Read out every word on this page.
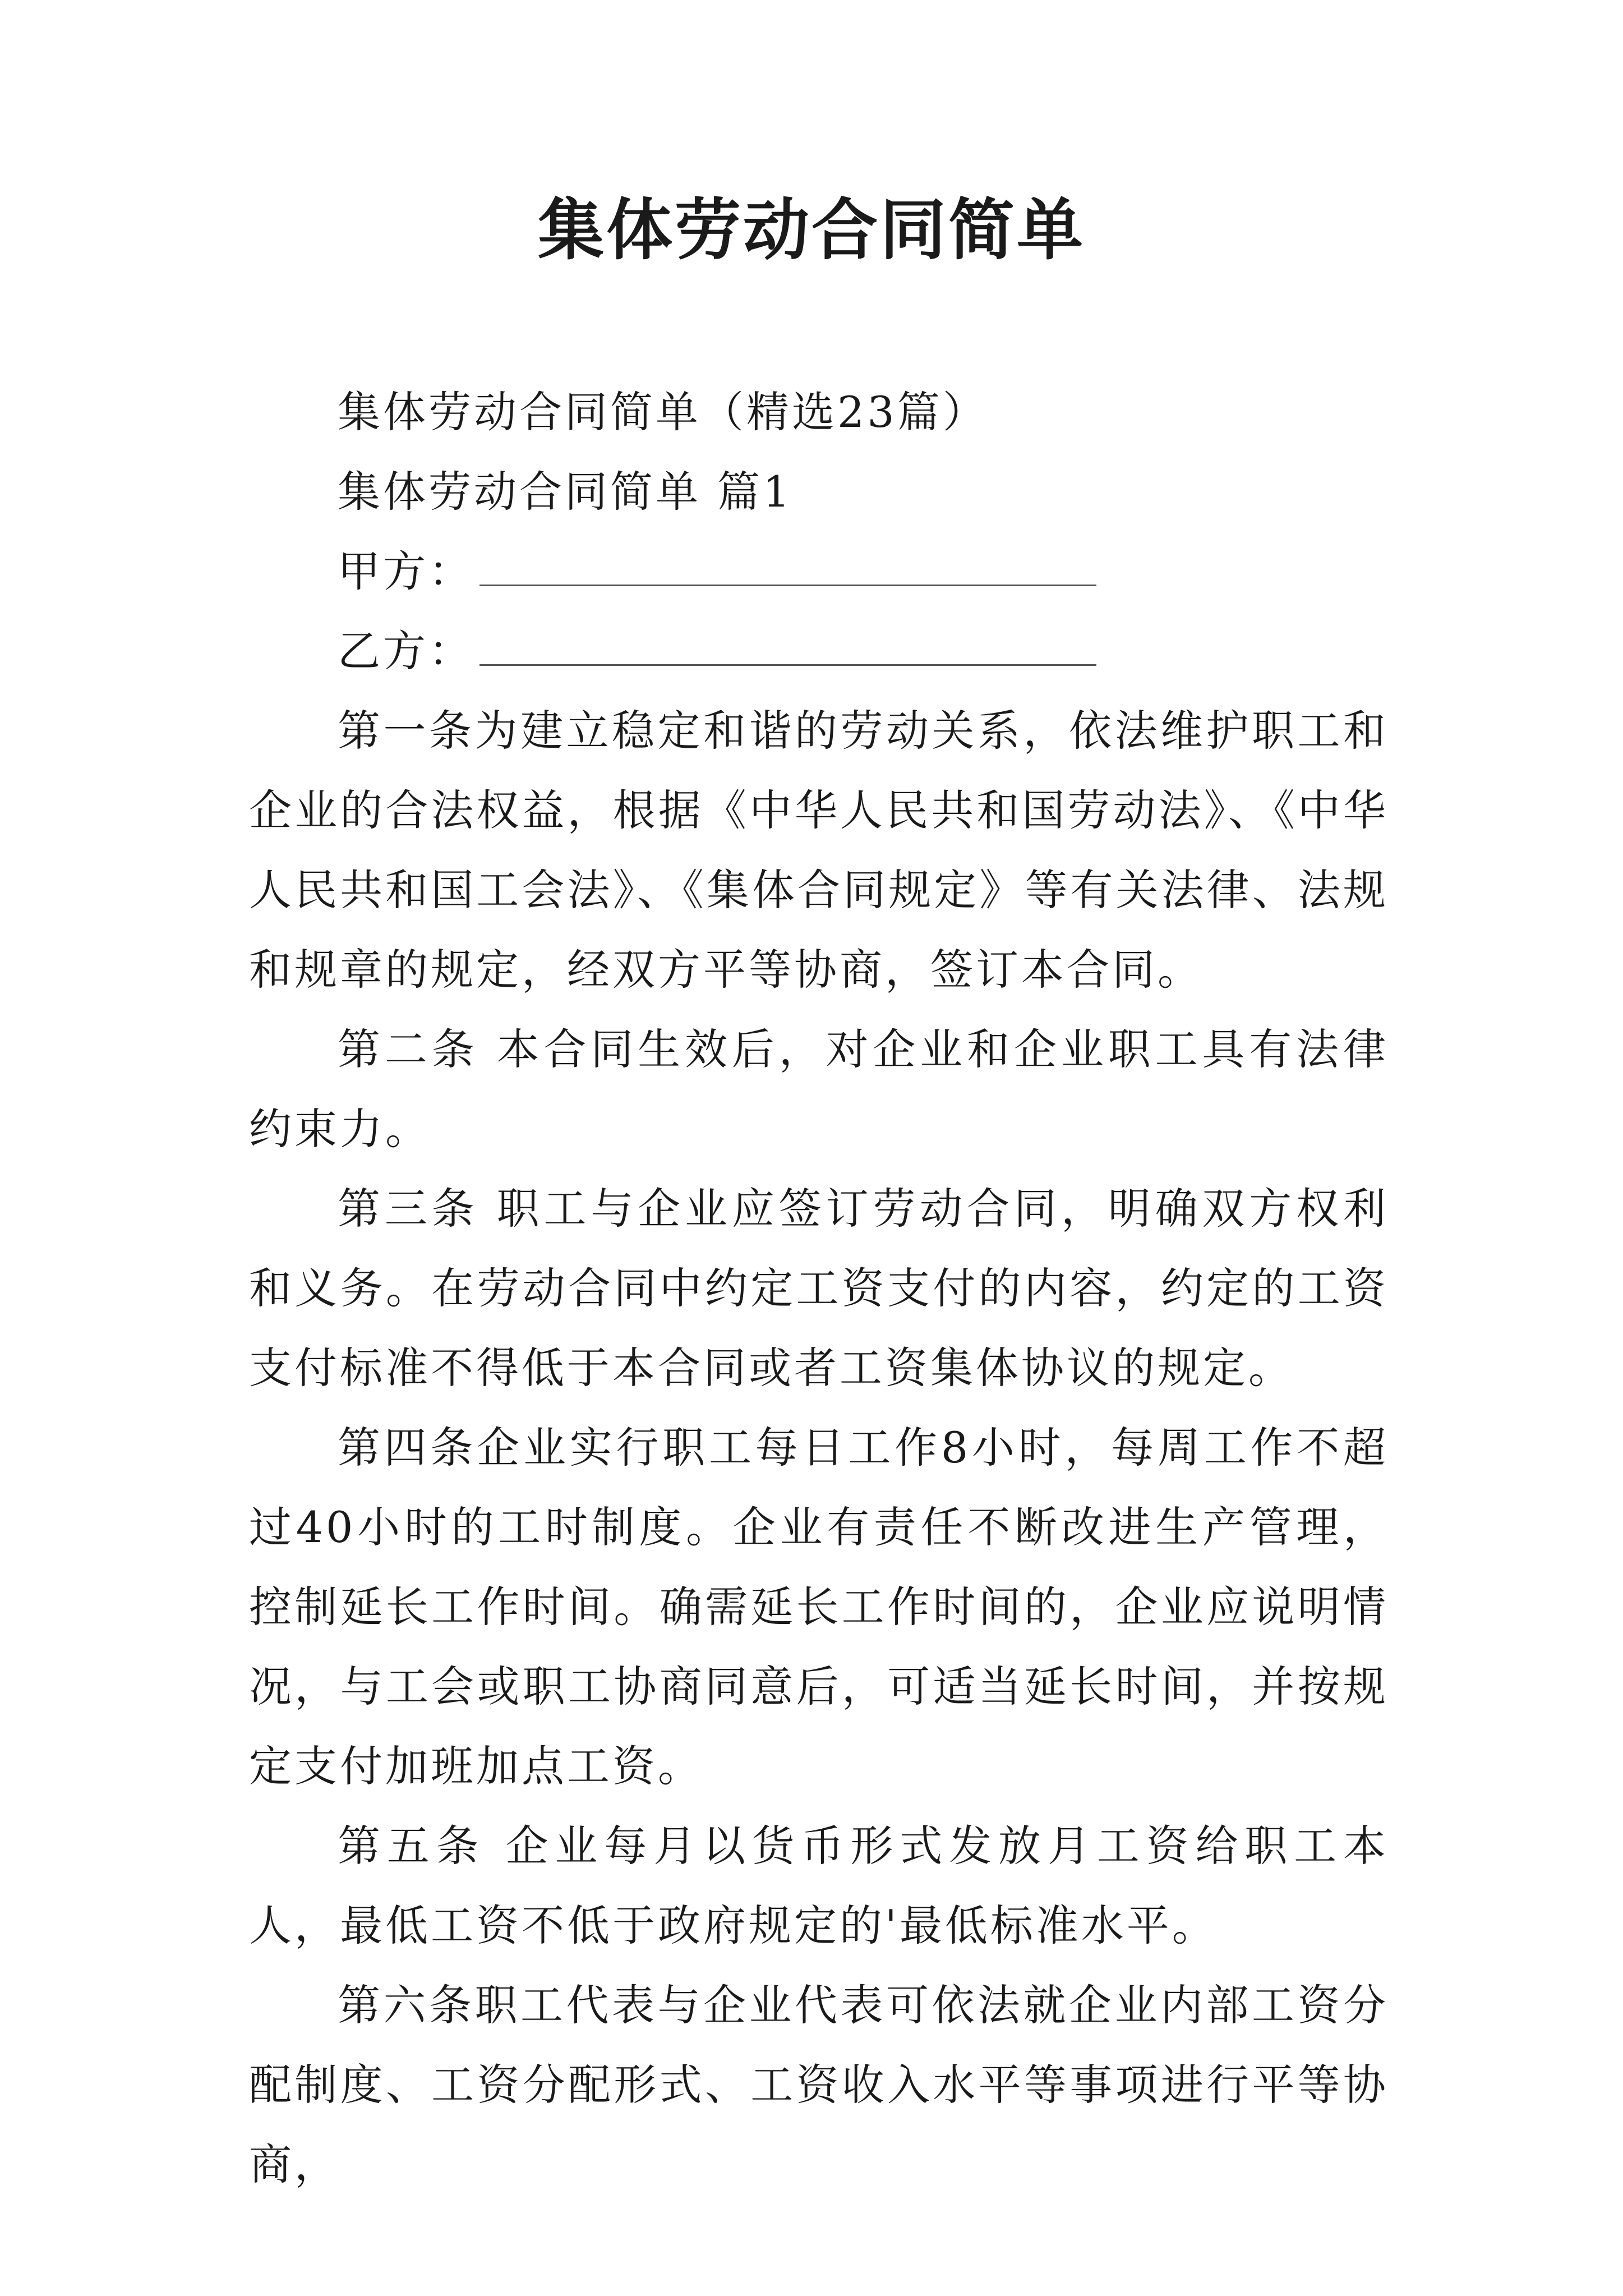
集体劳动合同简单

集体劳动合同简单（精选23篇）

集体劳动合同简单 篇1

甲方：

乙方：

第一条为建立稳定和谐的劳动关系，依法维护职工和企业的合法权益，根据《中华人民共和国劳动法》、《中华人民共和国工会法》、《集体合同规定》等有关法律、法规和规章的规定，经双方平等协商，签订本合同。

第二条 本合同生效后，对企业和企业职工具有法律约束力。

第三条 职工与企业应签订劳动合同，明确双方权利和义务。在劳动合同中约定工资支付的内容，约定的工资支付标准不得低于本合同或者工资集体协议的规定。

第四条企业实行职工每日工作8小时，每周工作不超过40小时的工时制度。企业有责任不断改进生产管理，控制延长工作时间。确需延长工作时间的，企业应说明情况，与工会或职工协商同意后，可适当延长时间，并按规定支付加班加点工资。

第五条 企业每月以货币形式发放月工资给职工本人，最低工资不低于政府规定的'最低标准水平。

第六条职工代表与企业代表可依法就企业内部工资分配制度、工资分配形式、工资收入水平等事项进行平等协商，
